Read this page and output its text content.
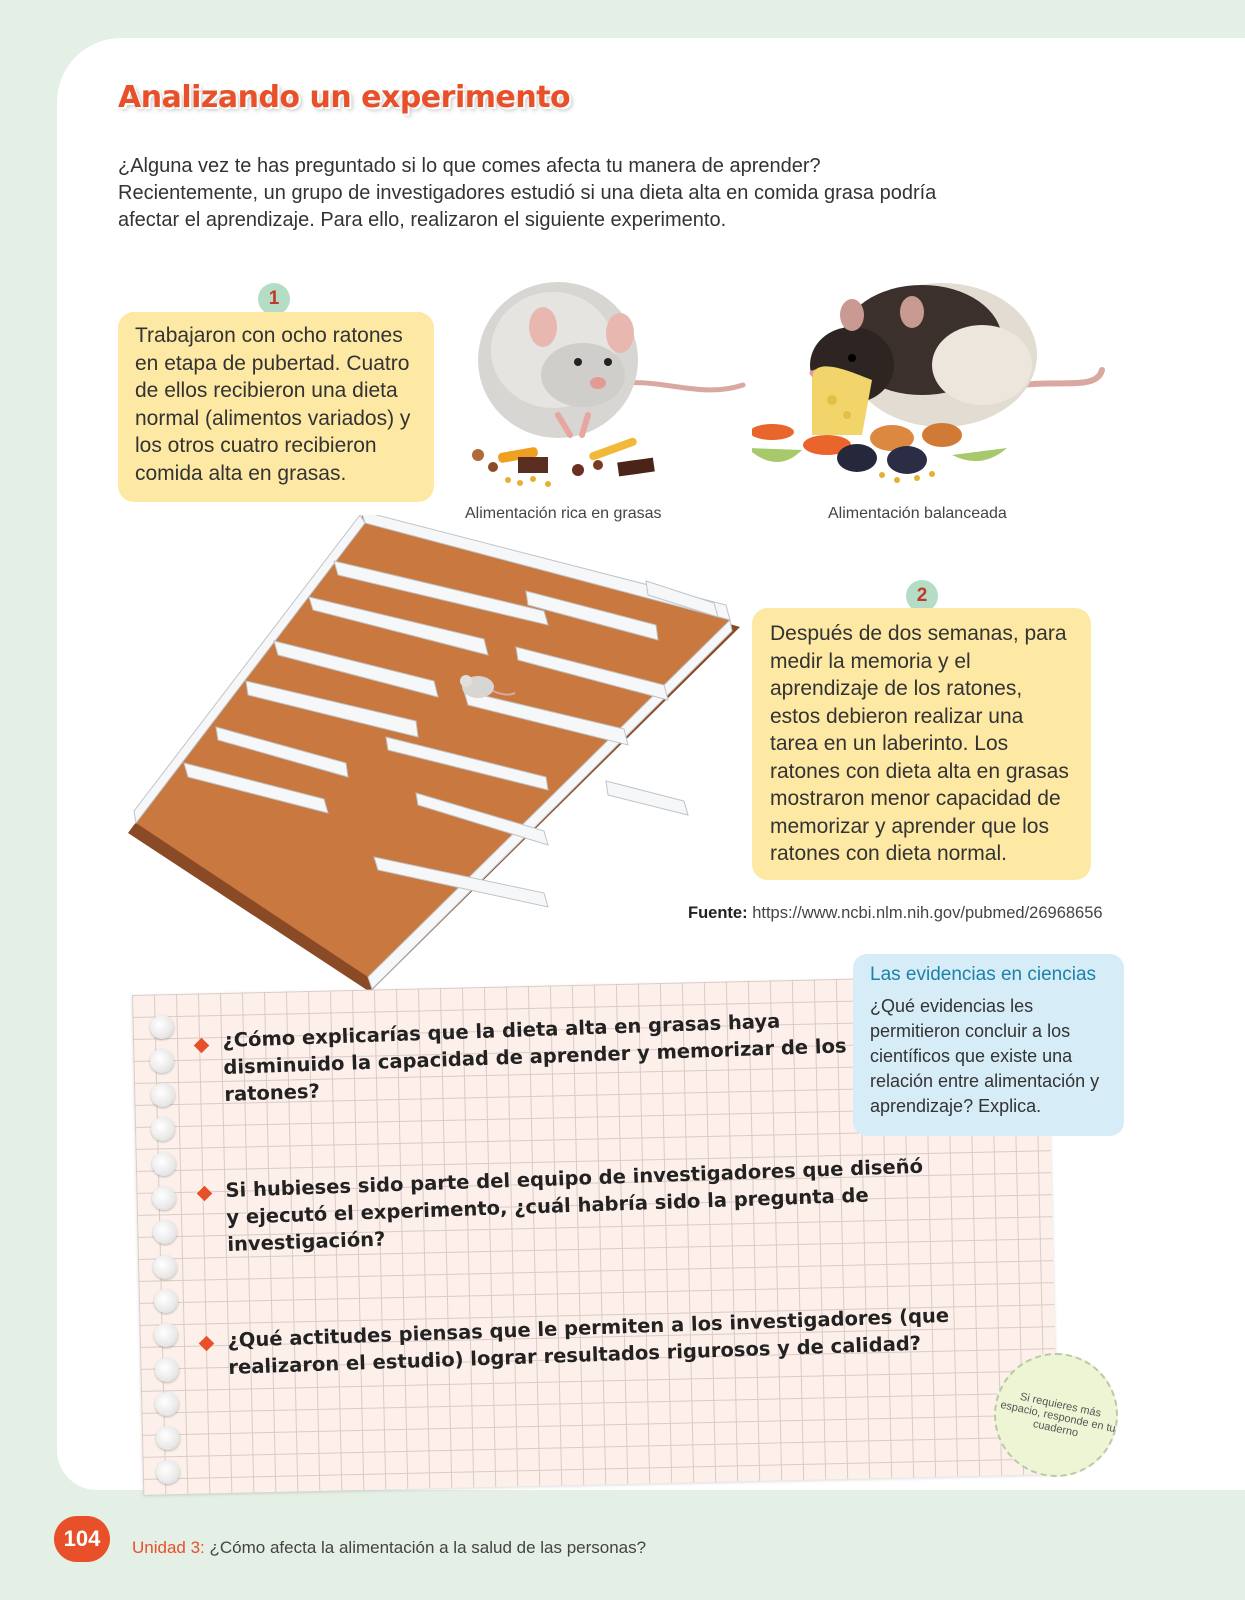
Analizando un experimento

¿Alguna vez te has preguntado si lo que comes afecta tu manera de aprender? Recientemente, un grupo de investigadores estudió si una dieta alta en comida grasa podría afectar el aprendizaje. Para ello, realizaron el siguiente experimento.

1
Trabajaron con ocho ratones en etapa de pubertad. Cuatro de ellos recibieron una dieta normal (alimentos variados) y los otros cuatro recibieron comida alta en grasas.
Alimentación rica en grasas	Alimentación balanceada
2
Después de dos semanas, para medir la memoria y el aprendizaje de los ratones, estos debieron realizar una tarea en un laberinto. Los ratones con dieta alta en grasas mostraron menor capacidad de memorizar y aprender que los ratones con dieta normal.
Fuente: https://www.ncbi.nlm.nih.gov/pubmed/26968656
¿Cómo explicarías que la dieta alta en grasas haya disminuido la capacidad de aprender y memorizar de los ratones?
Si hubieses sido parte del equipo de investigadores que diseñó y ejecutó el experimento, ¿cuál habría sido la pregunta de investigación?
¿Qué actitudes piensas que le permiten a los investigadores (que realizaron el estudio) lograr resultados rigurosos y de calidad?
Las evidencias en ciencias
¿Qué evidencias les permitieron concluir a los científicos que existe una relación entre alimentación y aprendizaje? Explica.
Si requieres más espacio, responde en tu cuaderno
104	Unidad 3: ¿Cómo afecta la alimentación a la salud de las personas?
